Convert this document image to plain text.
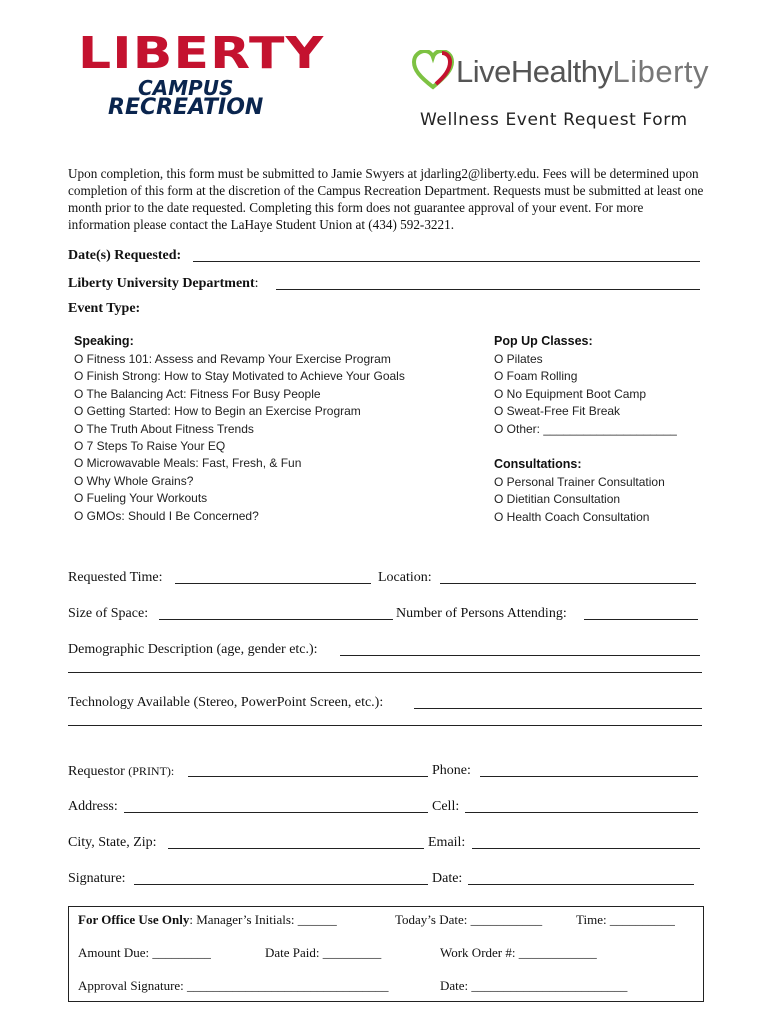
LIBERTY
CAMPUS
RECREATION
LiveHealthyLiberty
Wellness Event Request Form
Upon completion, this form must be submitted to Jamie Swyers at jdarling2@liberty.edu. Fees will be determined upon completion of this form at the discretion of the Campus Recreation Department. Requests must be submitted at least one month prior to the date requested. Completing this form does not guarantee approval of your event. For more information please contact the LaHaye Student Union at (434) 592-3221.
Date(s) Requested:
Liberty University Department:
Event Type:
Speaking:
O Fitness 101: Assess and Revamp Your Exercise Program
O Finish Strong: How to Stay Motivated to Achieve Your Goals
O The Balancing Act: Fitness For Busy People
O Getting Started: How to Begin an Exercise Program
O The Truth About Fitness Trends
O 7 Steps To Raise Your EQ
O Microwavable Meals: Fast, Fresh, & Fun
O Why Whole Grains?
O Fueling Your Workouts
O GMOs: Should I Be Concerned?
Pop Up Classes:
O Pilates
O Foam Rolling
O No Equipment Boot Camp
O Sweat-Free Fit Break
O Other: ____________________
Consultations:
O Personal Trainer Consultation
O Dietitian Consultation
O Health Coach Consultation
Requested Time:	Location:
Size of Space:	Number of Persons Attending:
Demographic Description (age, gender etc.):
Technology Available (Stereo, PowerPoint Screen, etc.):
Requestor (PRINT):	Phone:
Address:	Cell:
City, State, Zip:	Email:
Signature:	Date:
For Office Use Only: Manager’s Initials: ______	Today’s Date: ___________	Time: __________
Amount Due: _________	Date Paid: _________	Work Order #: ____________
Approval Signature: _______________________________	Date: ________________________
